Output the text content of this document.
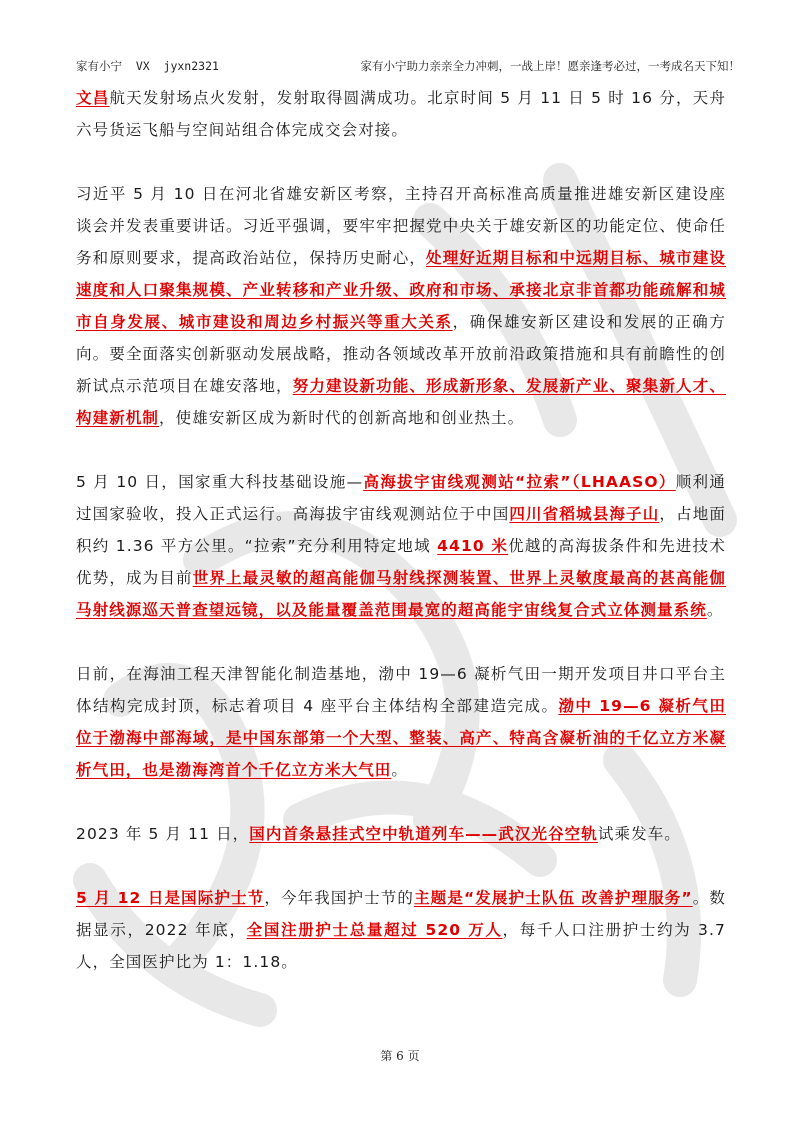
家有小宁  VX  jyxn2321	家有小宁助力亲亲全力冲刺，一战上岸！愿亲逢考必过，一考成名天下知！

文昌航天发射场点火发射，发射取得圆满成功。北京时间 5 月 11 日 5 时 16 分，天舟六号货运飞船与空间站组合体完成交会对接。

习近平 5 月 10 日在河北省雄安新区考察，主持召开高标准高质量推进雄安新区建设座谈会并发表重要讲话。习近平强调，要牢牢把握党中央关于雄安新区的功能定位、使命任务和原则要求，提高政治站位，保持历史耐心，处理好近期目标和中远期目标、城市建设速度和人口聚集规模、产业转移和产业升级、政府和市场、承接北京非首都功能疏解和城市自身发展、城市建设和周边乡村振兴等重大关系，确保雄安新区建设和发展的正确方向。要全面落实创新驱动发展战略，推动各领域改革开放前沿政策措施和具有前瞻性的创新试点示范项目在雄安落地，努力建设新功能、形成新形象、发展新产业、聚集新人才、构建新机制，使雄安新区成为新时代的创新高地和创业热土。

5 月 10 日，国家重大科技基础设施—高海拔宇宙线观测站“拉索”（LHAASO）顺利通过国家验收，投入正式运行。高海拔宇宙线观测站位于中国四川省稻城县海子山，占地面积约 1.36 平方公里。“拉索”充分利用特定地域 4410 米优越的高海拔条件和先进技术优势，成为目前世界上最灵敏的超高能伽马射线探测装置、世界上灵敏度最高的甚高能伽马射线源巡天普查望远镜，以及能量覆盖范围最宽的超高能宇宙线复合式立体测量系统。

日前，在海油工程天津智能化制造基地，渤中 19—6 凝析气田一期开发项目井口平台主体结构完成封顶，标志着项目 4 座平台主体结构全部建造完成。渤中 19—6 凝析气田位于渤海中部海域，是中国东部第一个大型、整装、高产、特高含凝析油的千亿立方米凝析气田，也是渤海湾首个千亿立方米大气田。

2023 年 5 月 11 日，国内首条悬挂式空中轨道列车——武汉光谷空轨试乘发车。

5 月 12 日是国际护士节，今年我国护士节的主题是“发展护士队伍 改善护理服务”。数据显示，2022 年底，全国注册护士总量超过 520 万人，每千人口注册护士约为 3.7 人，全国医护比为 1：1.18。

第 6 页
